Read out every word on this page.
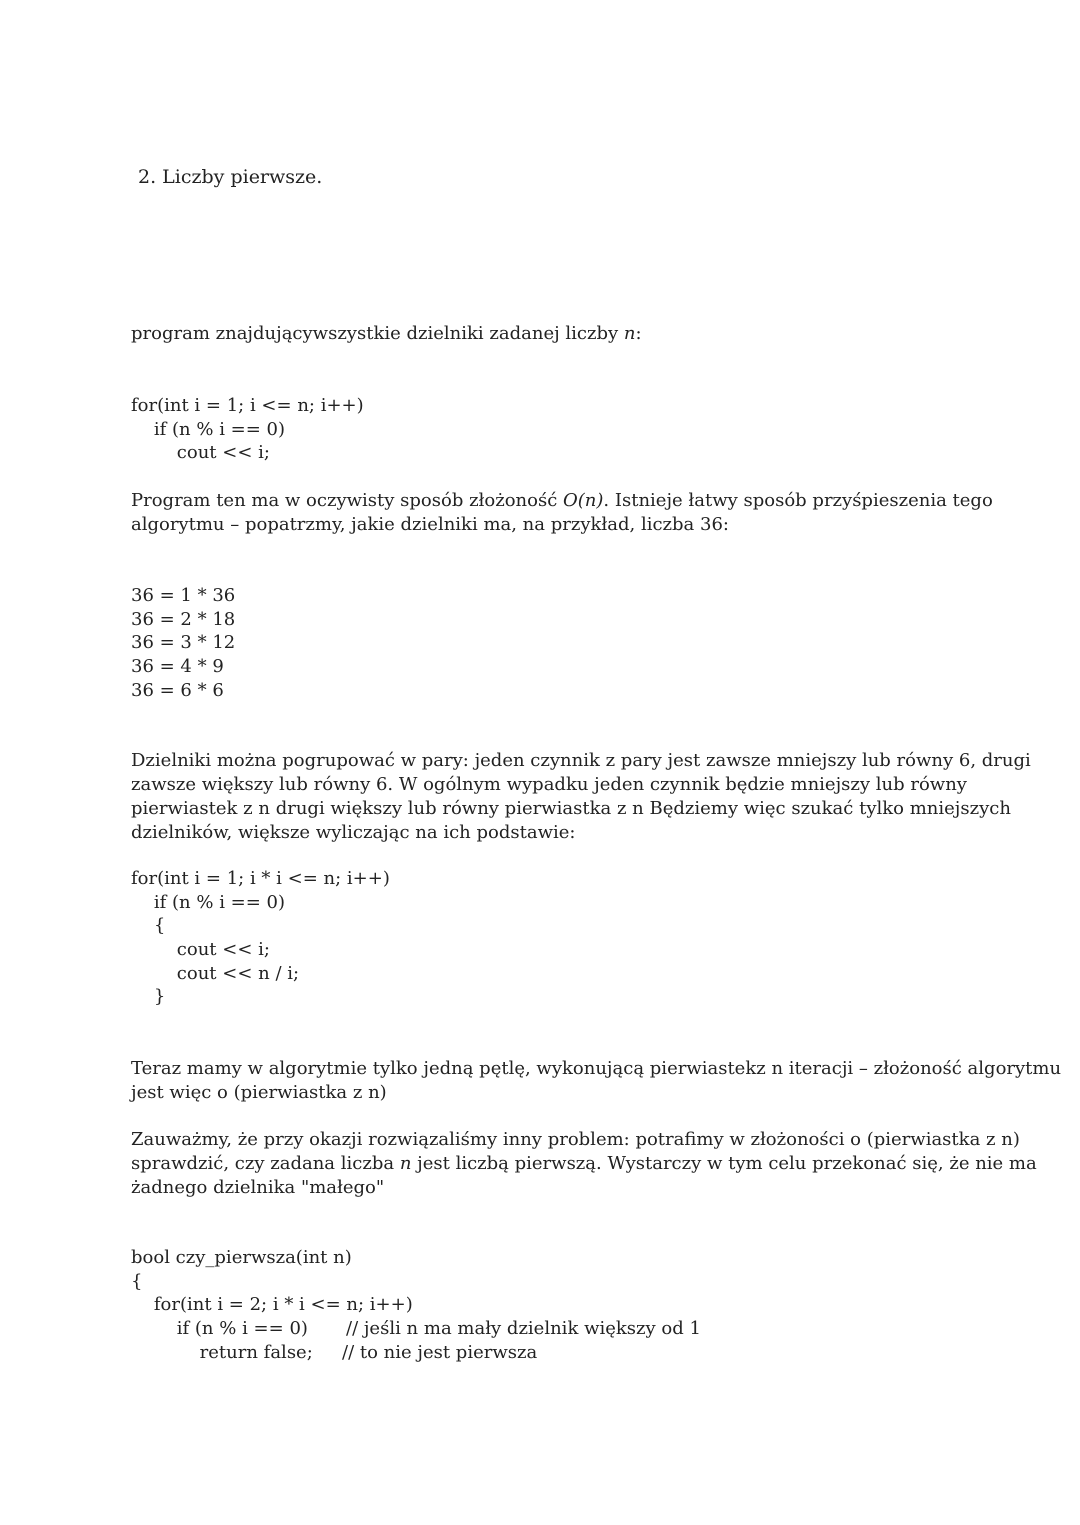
2. Liczby pierwsze.
program znajdującywszystkie dzielniki zadanej liczby n:
for(int i = 1; i <= n; i++)
if (n % i == 0)
cout << i;
Program ten ma w oczywisty sposób złożoność O(n). Istnieje łatwy sposób przyśpieszenia tego
algorytmu – popatrzmy, jakie dzielniki ma, na przykład, liczba 36:
36 = 1 * 36
36 = 2 * 18
36 = 3 * 12
36 = 4 * 9
36 = 6 * 6
Dzielniki można pogrupować w pary: jeden czynnik z pary jest zawsze mniejszy lub równy 6, drugi
zawsze większy lub równy 6. W ogólnym wypadku jeden czynnik będzie mniejszy lub równy
pierwiastek z n drugi większy lub równy pierwiastka z n Będziemy więc szukać tylko mniejszych
dzielników, większe wyliczając na ich podstawie:
for(int i = 1; i * i <= n; i++)
if (n % i == 0)
{
cout << i;
cout << n / i;
}
Teraz mamy w algorytmie tylko jedną pętlę, wykonującą pierwiastekz n iteracji – złożoność algorytmu
jest więc o (pierwiastka z n)
Zauważmy, że przy okazji rozwiązaliśmy inny problem: potrafimy w złożoności o (pierwiastka z n)
sprawdzić, czy zadana liczba n jest liczbą pierwszą. Wystarczy w tym celu przekonać się, że nie ma
żadnego dzielnika "małego"
bool czy_pierwsza(int n)
{
for(int i = 2; i * i <= n; i++)
if (n % i == 0)
return false;
// jeśli n ma mały dzielnik większy od 1
// to nie jest pierwsza
